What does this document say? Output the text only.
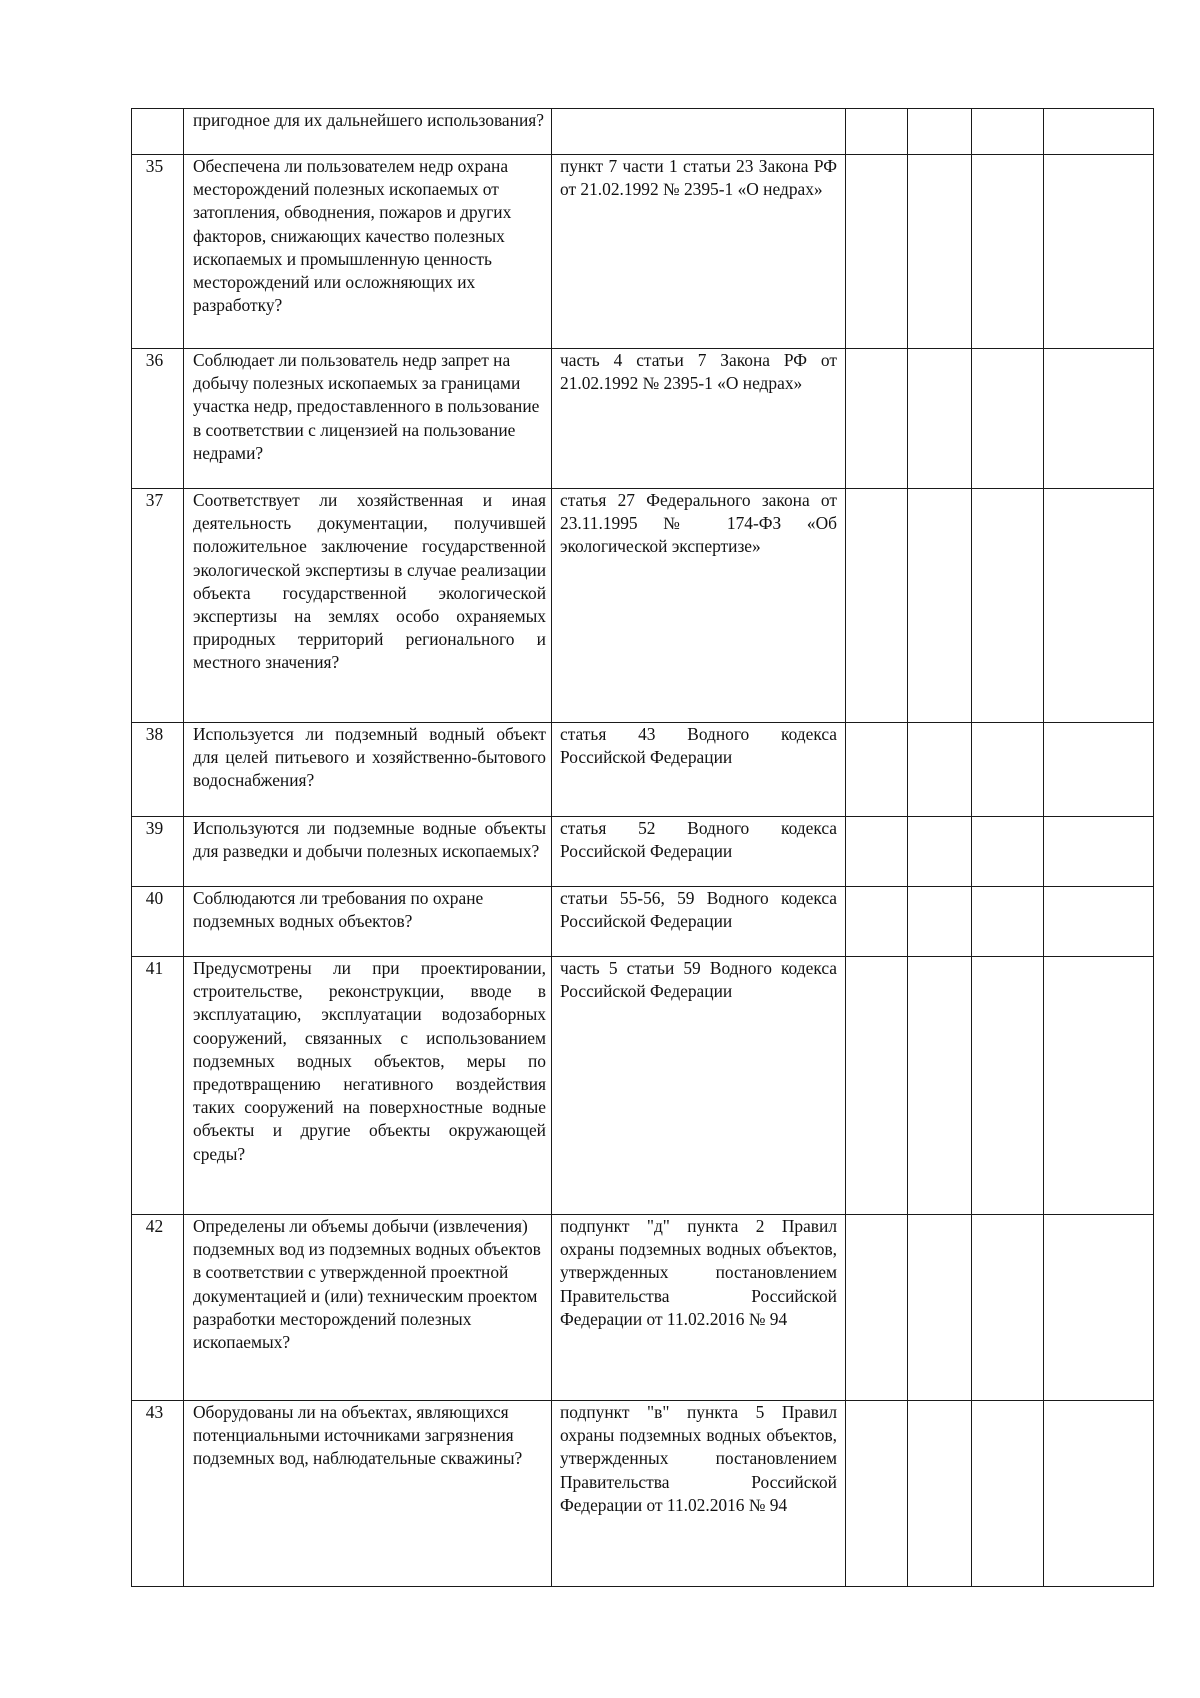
	пригодное для их дальнейшего использования?					

35	Обеспечена ли пользователем недр охрана месторождений полезных ископаемых от затопления, обводнения, пожаров и других факторов, снижающих качество полезных ископаемых и промышленную ценность месторождений или осложняющих их разработку?	пункт 7 части 1 статьи 23 Закона РФ от 21.02.1992 № 2395-1 «О недрах»				

36	Соблюдает ли пользователь недр запрет на добычу полезных ископаемых за границами участка недр, предоставленного в пользование в соответствии с лицензией на пользование недрами?	часть 4 статьи 7 Закона РФ от 21.02.1992 № 2395-1 «О недрах»				

37	Соответствует ли хозяйственная и иная деятельность документации, получившей положительное заключение государственной экологической экспертизы в случае реализации объекта государственной экологической экспертизы на землях особо охраняемых природных территорий регионального и местного значения?	статья 27 Федерального закона от 23.11.1995 № 174-ФЗ «Об экологической экспертизе»				

38	Используется ли подземный водный объект для целей питьевого и хозяйственно-бытового водоснабжения?	статья 43 Водного кодекса Российской Федерации				

39	Используются ли подземные водные объекты для разведки и добычи полезных ископаемых?	статья 52 Водного кодекса Российской Федерации				

40	Соблюдаются ли требования по охране подземных водных объектов?	статьи 55-56, 59 Водного кодекса Российской Федерации				

41	Предусмотрены ли при проектировании, строительстве, реконструкции, вводе в эксплуатацию, эксплуатации водозаборных сооружений, связанных с использованием подземных водных объектов, меры по предотвращению негативного воздействия таких сооружений на поверхностные водные объекты и другие объекты окружающей среды?	часть 5 статьи 59 Водного кодекса Российской Федерации				

42	Определены ли объемы добычи (извлечения) подземных вод из подземных водных объектов в соответствии с утвержденной проектной документацией и (или) техническим проектом разработки месторождений полезных ископаемых?	подпункт "д" пункта 2 Правил охраны подземных водных объектов, утвержденных постановлением Правительства Российской Федерации от 11.02.2016 № 94				

43	Оборудованы ли на объектах, являющихся потенциальными источниками загрязнения подземных вод, наблюдательные скважины?	подпункт "в" пункта 5 Правил охраны подземных водных объектов, утвержденных постановлением Правительства Российской Федерации от 11.02.2016 № 94				
